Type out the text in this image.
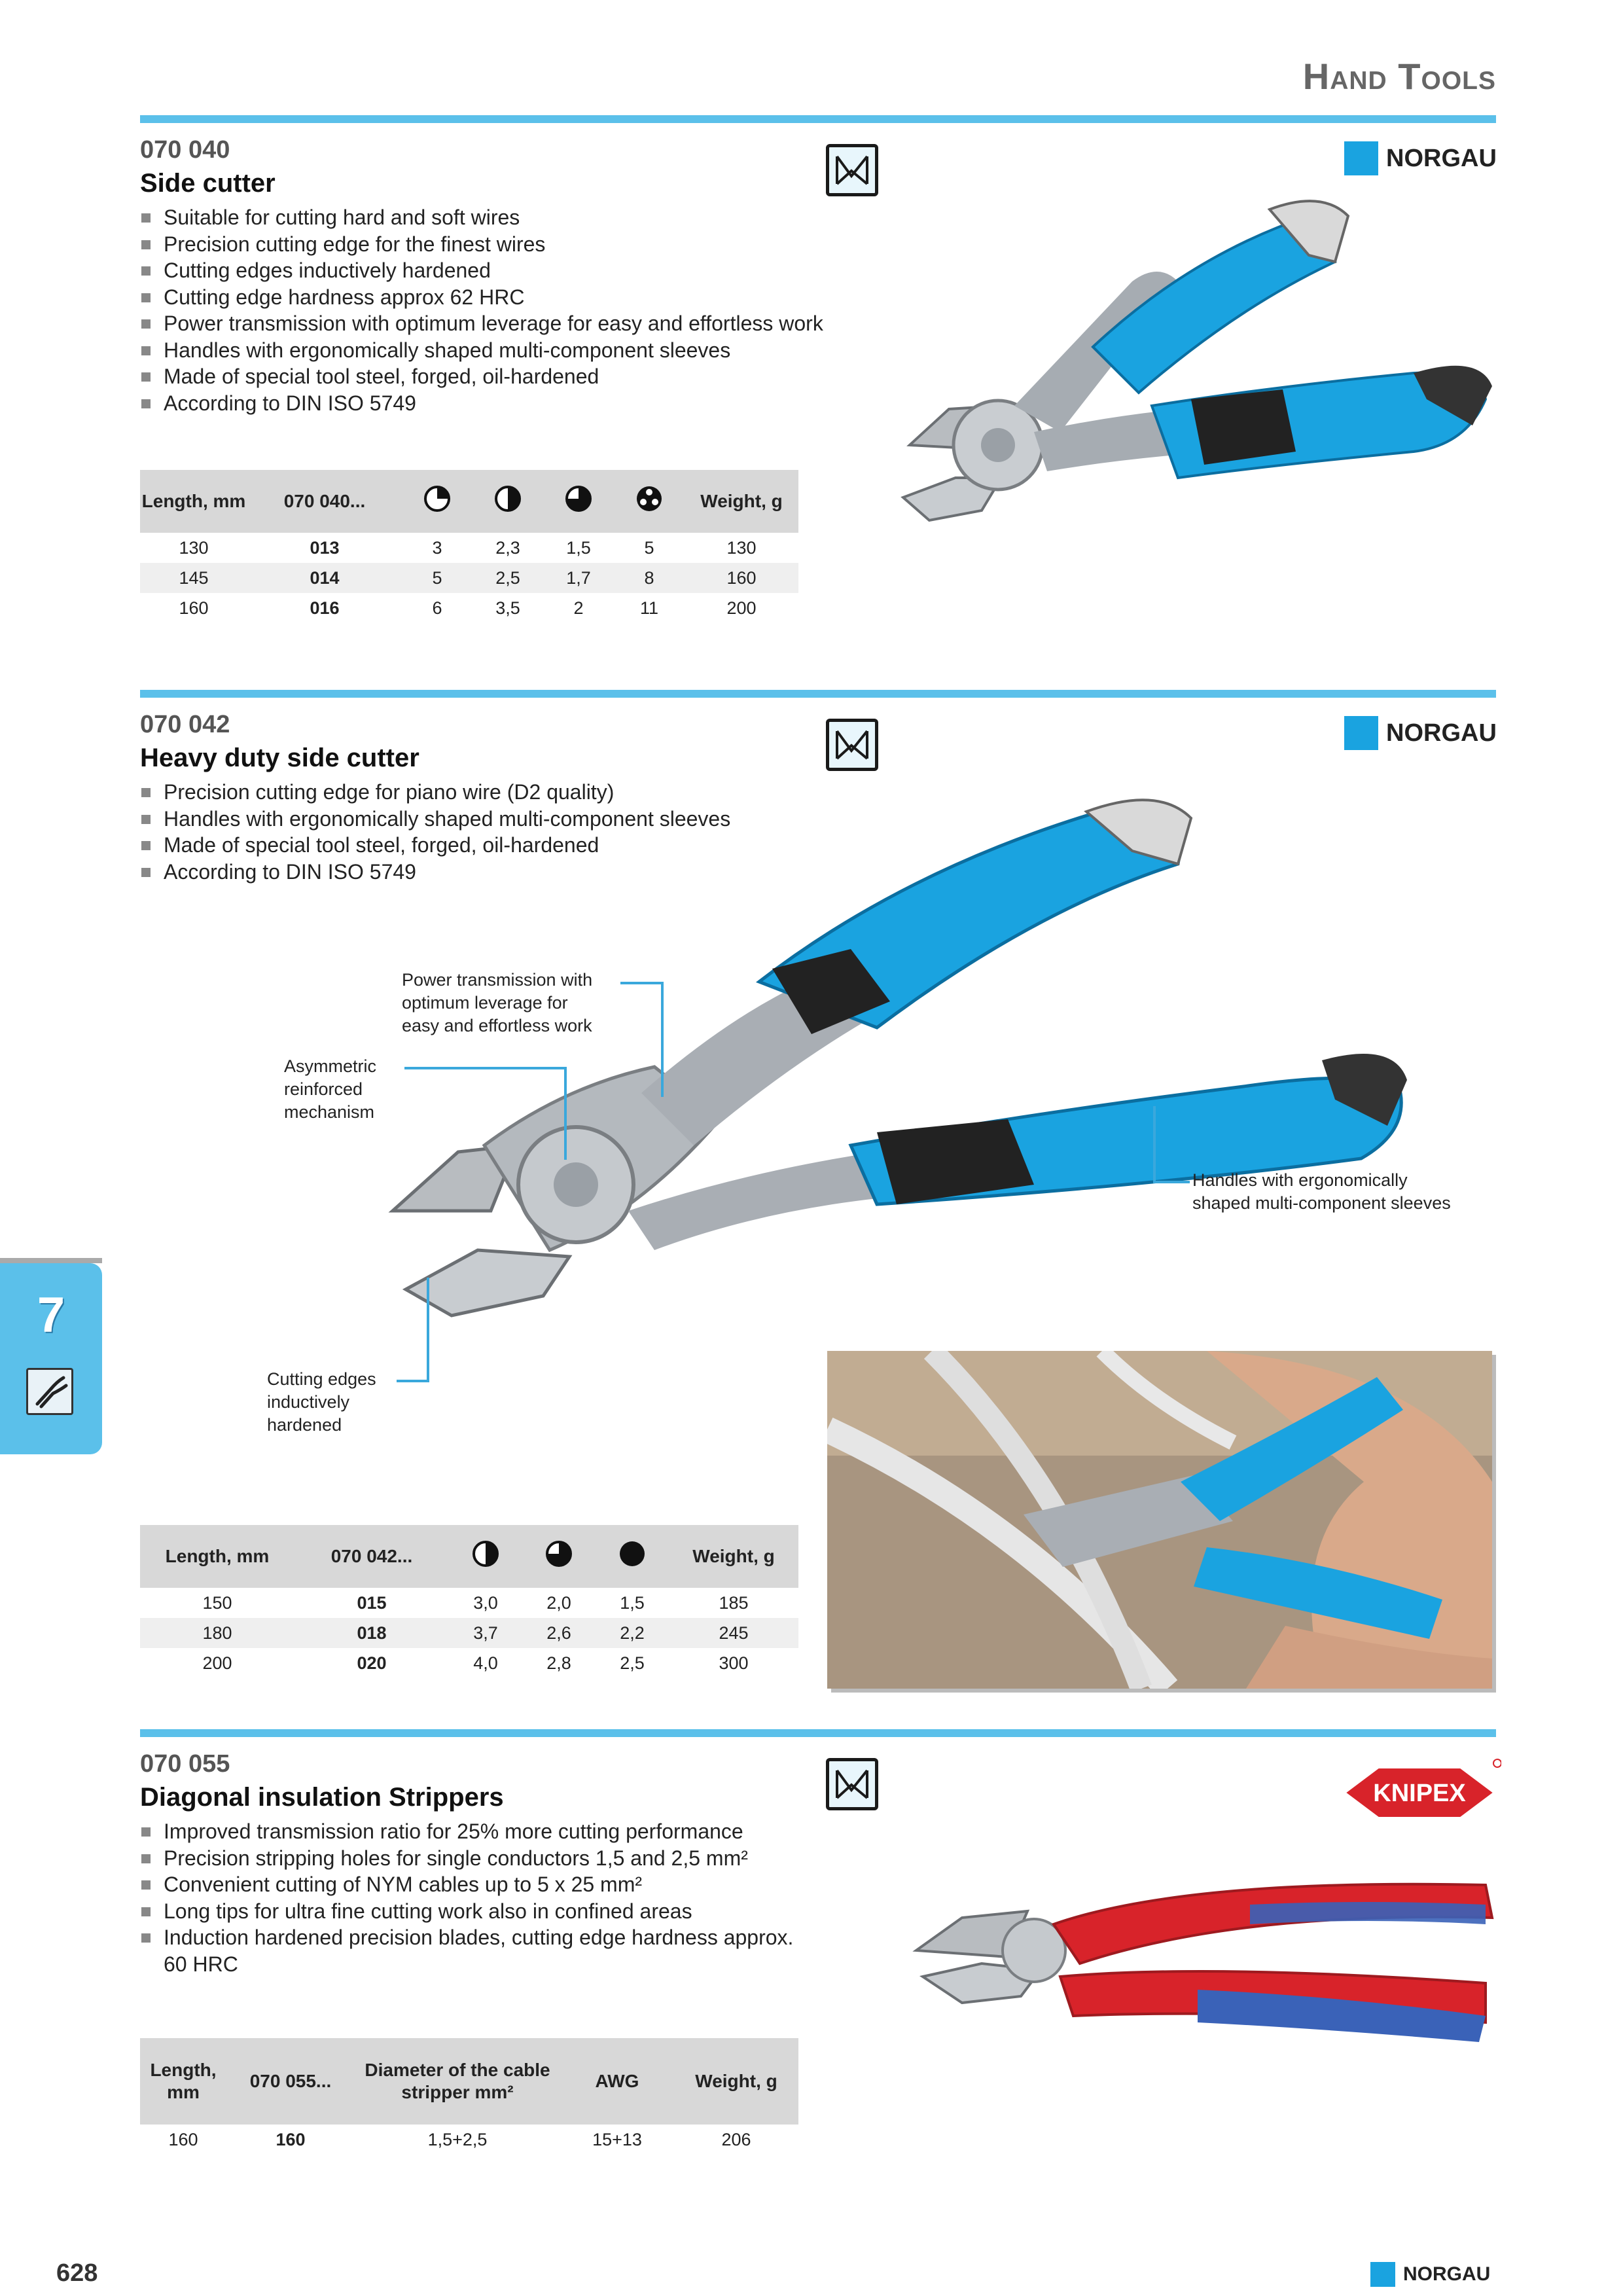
Hand Tools
070 040
Side cutter
NORGAU
Suitable for cutting hard and soft wires
Precision cutting edge for the finest wires
Cutting edges inductively hardened
Cutting edge hardness approx 62 HRC
Power transmission with optimum leverage for easy and effortless work
Handles with ergonomically shaped multi-component sleeves
Made of special tool steel, forged, oil-hardened
According to DIN ISO 5749
Length, mm	070 040...					Weight, g
130	013	3	2,3	1,5	5	130
145	014	5	2,5	1,7	8	160
160	016	6	3,5	2	11	200
070 042
Heavy duty side cutter
NORGAU
Precision cutting edge for piano wire (D2 quality)
Handles with ergonomically shaped multi-component sleeves
Made of special tool steel, forged, oil-hardened
According to DIN ISO 5749
Power transmission with
optimum leverage for
easy and effortless work
Asymmetric
reinforced
mechanism
Handles with ergonomically
shaped multi-component sleeves
Cutting edges
inductively
hardened
Length, mm	070 042...				Weight, g
150	015	3,0	2,0	1,5	185
180	018	3,7	2,6	2,2	245
200	020	4,0	2,8	2,5	300
070 055
Diagonal insulation Strippers	KNIPEX
Improved transmission ratio for 25% more cutting performance
Precision stripping holes for single conductors 1,5 and 2,5 mm²
Convenient cutting of NYM cables up to 5 x 25 mm²
Long tips for ultra fine cutting work also in confined areas
Induction hardened precision blades, cutting edge hardness approx.
60 HRC
Length, mm	070 055...	Diameter of the cable stripper mm²	AWG	Weight, g
160	160	1,5+2,5	15+13	206
7
628	NORGAU
